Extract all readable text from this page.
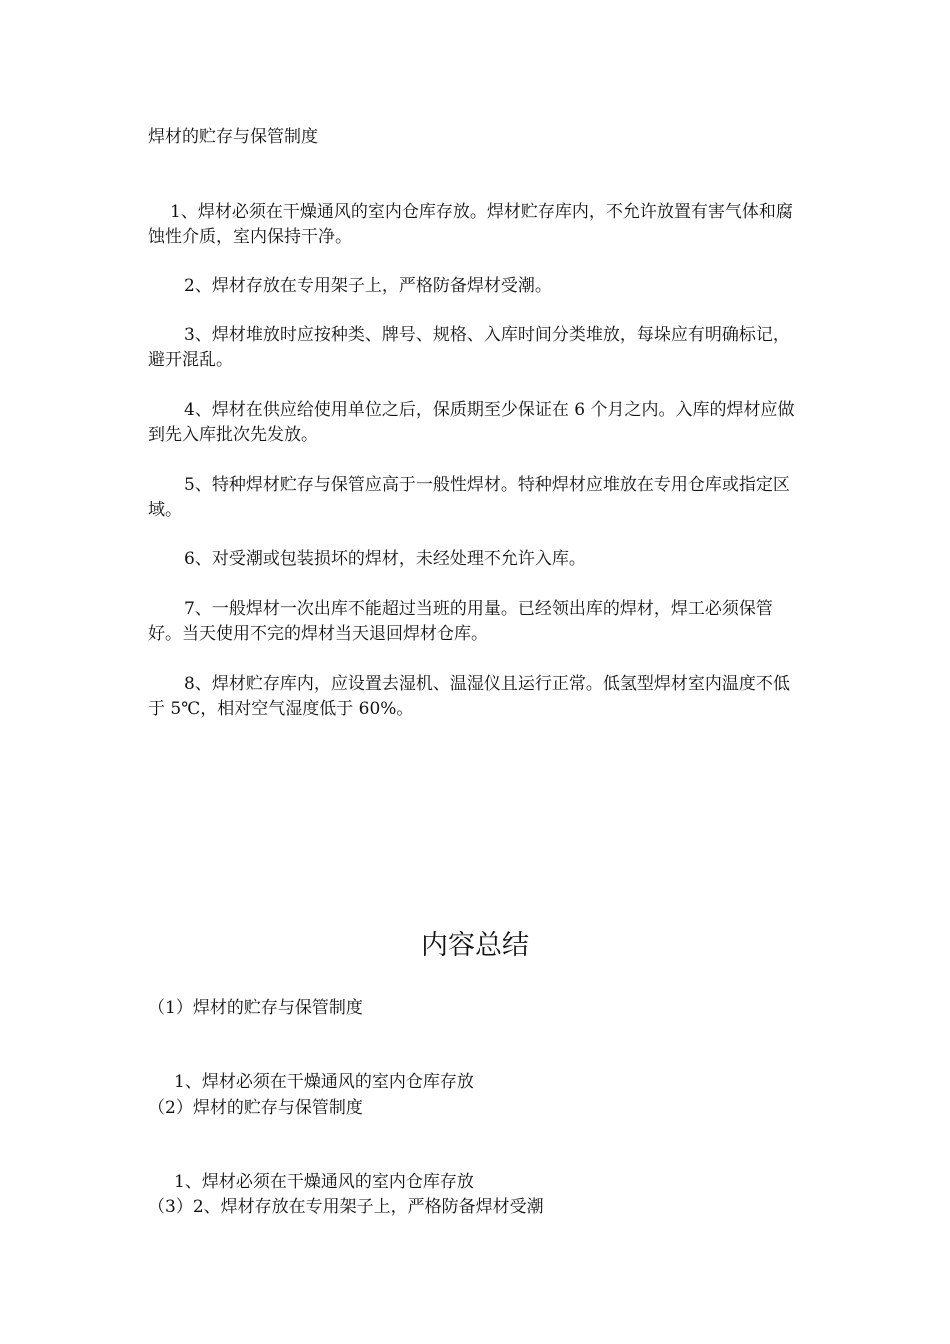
焊材的贮存与保管制度

1、焊材必须在干燥通风的室内仓库存放。焊材贮存库内，不允许放置有害气体和腐蚀性介质，室内保持干净。

2、焊材存放在专用架子上，严格防备焊材受潮。

3、焊材堆放时应按种类、牌号、规格、入库时间分类堆放，每垛应有明确标记，避开混乱。

4、焊材在供应给使用单位之后，保质期至少保证在 6 个月之内。入库的焊材应做到先入库批次先发放。

5、特种焊材贮存与保管应高于一般性焊材。特种焊材应堆放在专用仓库或指定区域。

6、对受潮或包装损坏的焊材，未经处理不允许入库。

7、一般焊材一次出库不能超过当班的用量。已经领出库的焊材，焊工必须保管好。当天使用不完的焊材当天退回焊材仓库。

8、焊材贮存库内，应设置去湿机、温湿仪且运行正常。低氢型焊材室内温度不低于 5℃，相对空气湿度低于 60%。

内容总结
（1）焊材的贮存与保管制度
1、焊材必须在干燥通风的室内仓库存放
（2）焊材的贮存与保管制度
1、焊材必须在干燥通风的室内仓库存放
（3）2、焊材存放在专用架子上，严格防备焊材受潮
